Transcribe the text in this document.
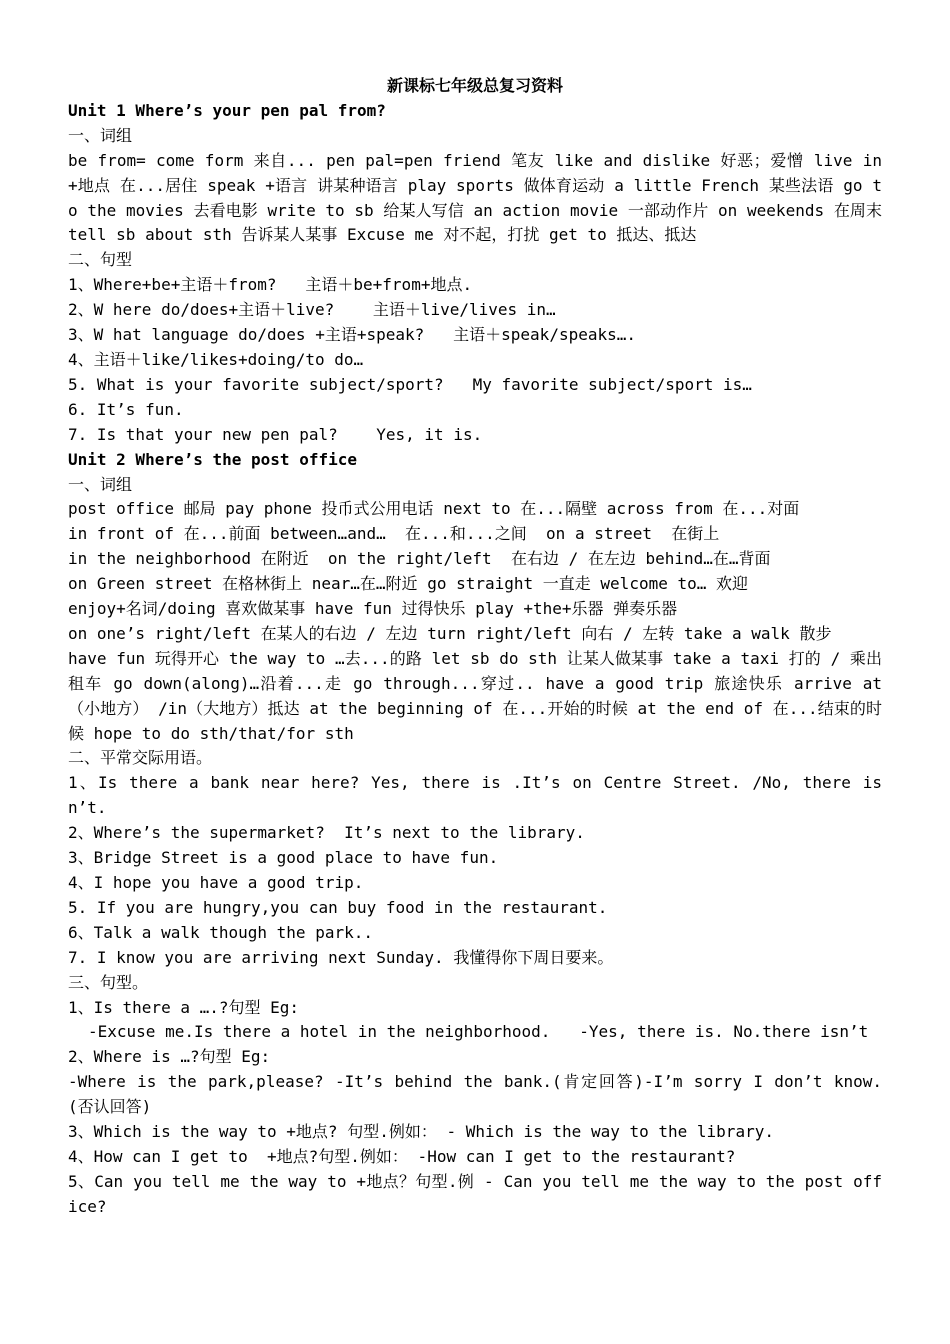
新课标七年级总复习资料
Unit 1 Where’s your pen pal from?
一、词组
be from= come form 来自... pen pal=pen friend 笔友 like and dislike 好恶；爱憎 live in +地点 在...居住 speak +语言 讲某种语言 play sports 做体育运动 a little French 某些法语 go to the movies 去看电影 write to sb 给某人写信 an action movie 一部动作片 on weekends 在周末 tell sb about sth 告诉某人某事 Excuse me 对不起，打扰 get to 抵达、抵达
二、句型
1、Where+be+主语＋from?   主语＋be+from+地点.
2、W here do/does+主语＋live?    主语＋live/lives in…
3、W hat language do/does +主语+speak?   主语＋speak/speaks….
4、主语＋like/likes+doing/to do…
5. What is your favorite subject/sport?   My favorite subject/sport is…
6. It’s fun.
7. Is that your new pen pal?    Yes, it is.
Unit 2 Where’s the post office
一、词组
post office 邮局 pay phone 投币式公用电话 next to 在...隔壁 across from 在...对面
in front of 在...前面 between…and…  在...和...之间  on a street  在街上
in the neighborhood 在附近  on the right/left  在右边 / 在左边 behind…在…背面
on Green street 在格林街上 near…在…附近 go straight 一直走 welcome to… 欢迎
enjoy+名词/doing 喜欢做某事 have fun 过得快乐 play +the+乐器 弹奏乐器
on one’s right/left 在某人的右边 / 左边 turn right/left 向右 / 左转 take a walk 散步
have fun 玩得开心 the way to …去...的路 let sb do sth 让某人做某事 take a taxi 打的 / 乘出租车 go down(along)…沿着...走 go through...穿过.. have a good trip 旅途快乐 arrive at（小地方） /in（大地方）抵达 at the beginning of 在...开始的时候 at the end of 在...结束的时候 hope to do sth/that/for sth
二、平常交际用语。
1、Is there a bank near here? Yes, there is .It’s on Centre Street. /No, there isn’t.
2、Where’s the supermarket?  It’s next to the library.
3、Bridge Street is a good place to have fun.
4、I hope you have a good trip.
5. If you are hungry,you can buy food in the restaurant.
6、Talk a walk though the park..
7. I know you are arriving next Sunday. 我懂得你下周日要来。
三、句型。
1、Is there a ….?句型 Eg:
-Excuse me.Is there a hotel in the neighborhood.   -Yes, there is. No.there isn’t
2、Where is …?句型 Eg:
-Where is the park,please? -It’s behind the bank.(肯定回答)-I’m sorry I don’t know. (否认回答)
3、Which is the way to +地点? 句型.例如： - Which is the way to the library.
4、How can I get to  +地点?句型.例如： -How can I get to the restaurant?
5、Can you tell me the way to +地点？句型.例 - Can you tell me the way to the post office?
